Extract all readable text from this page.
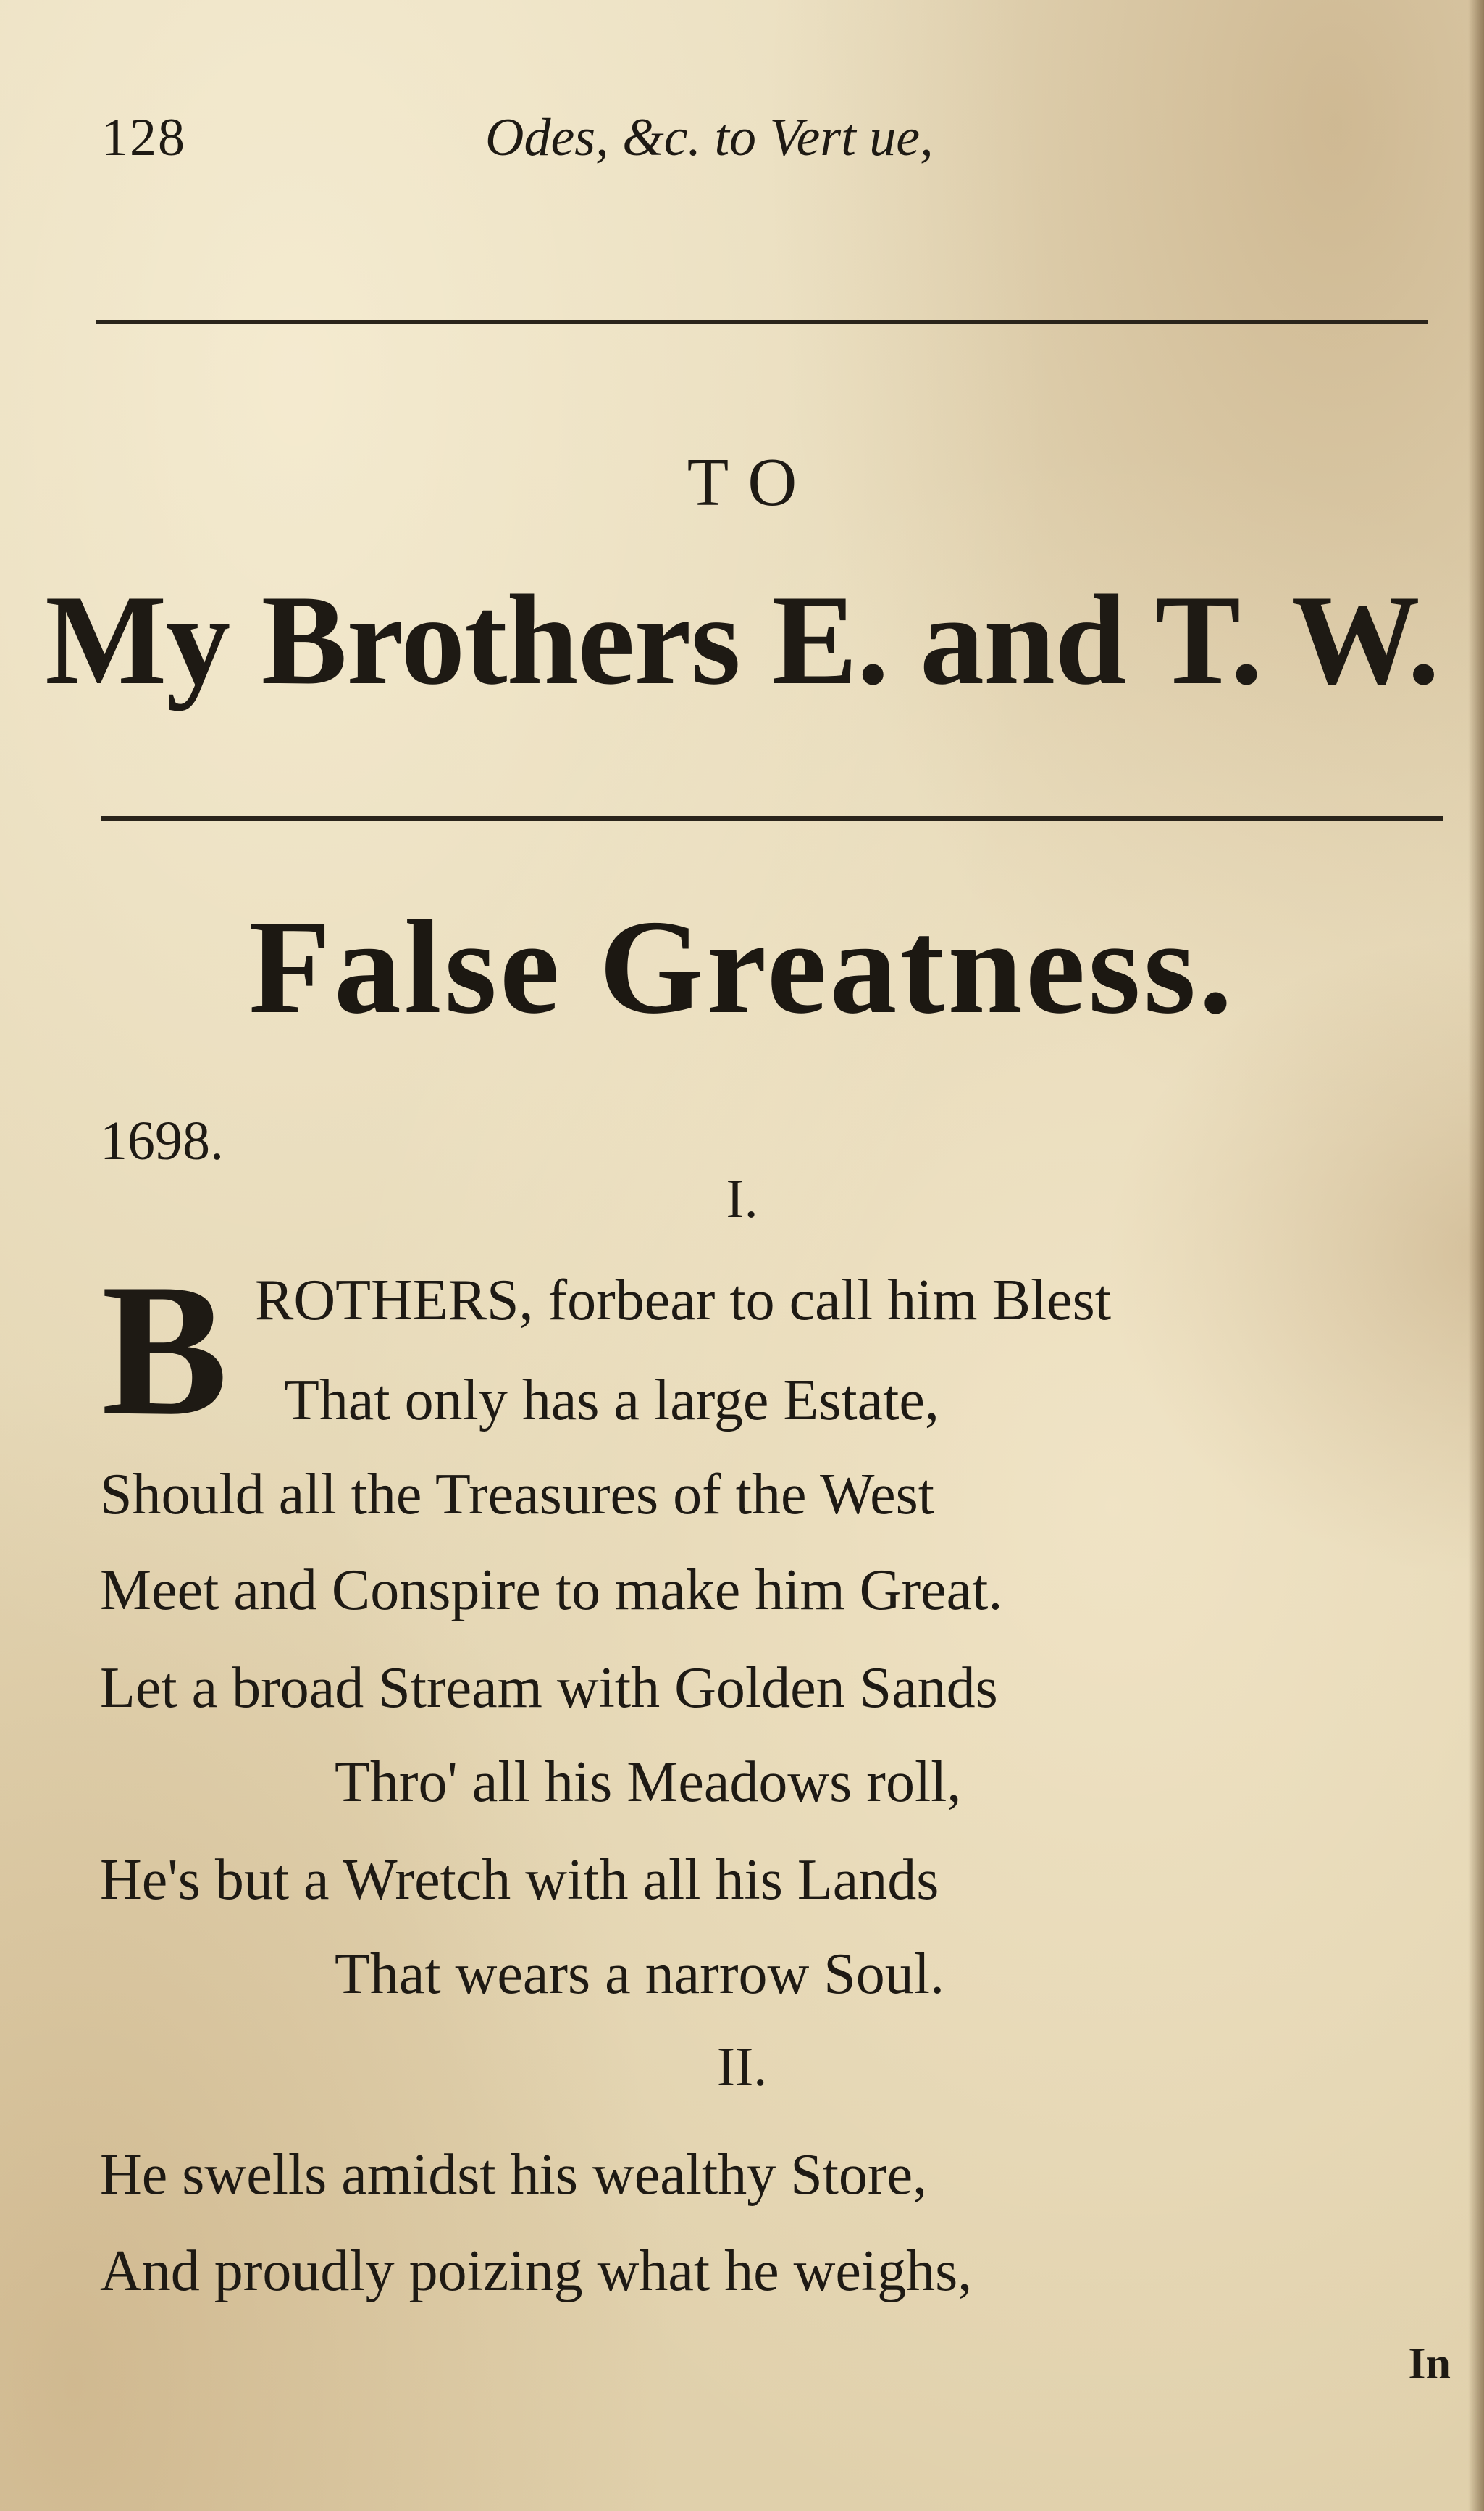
128	Odes, &c. to Vert ue,
TO
My Brothers E. and T. W.
False Greatness.
1698.
I.
B ROTHERS, forbear to call him Blest
That only has a large Estate,
Should all the Treasures of the West
Meet and Conspire to make him Great.
Let a broad Stream with Golden Sands
Thro' all his Meadows roll,
He's but a Wretch with all his Lands
That wears a narrow Soul.
II.
He swells amidst his wealthy Store,
And proudly poizing what he weighs,
In
